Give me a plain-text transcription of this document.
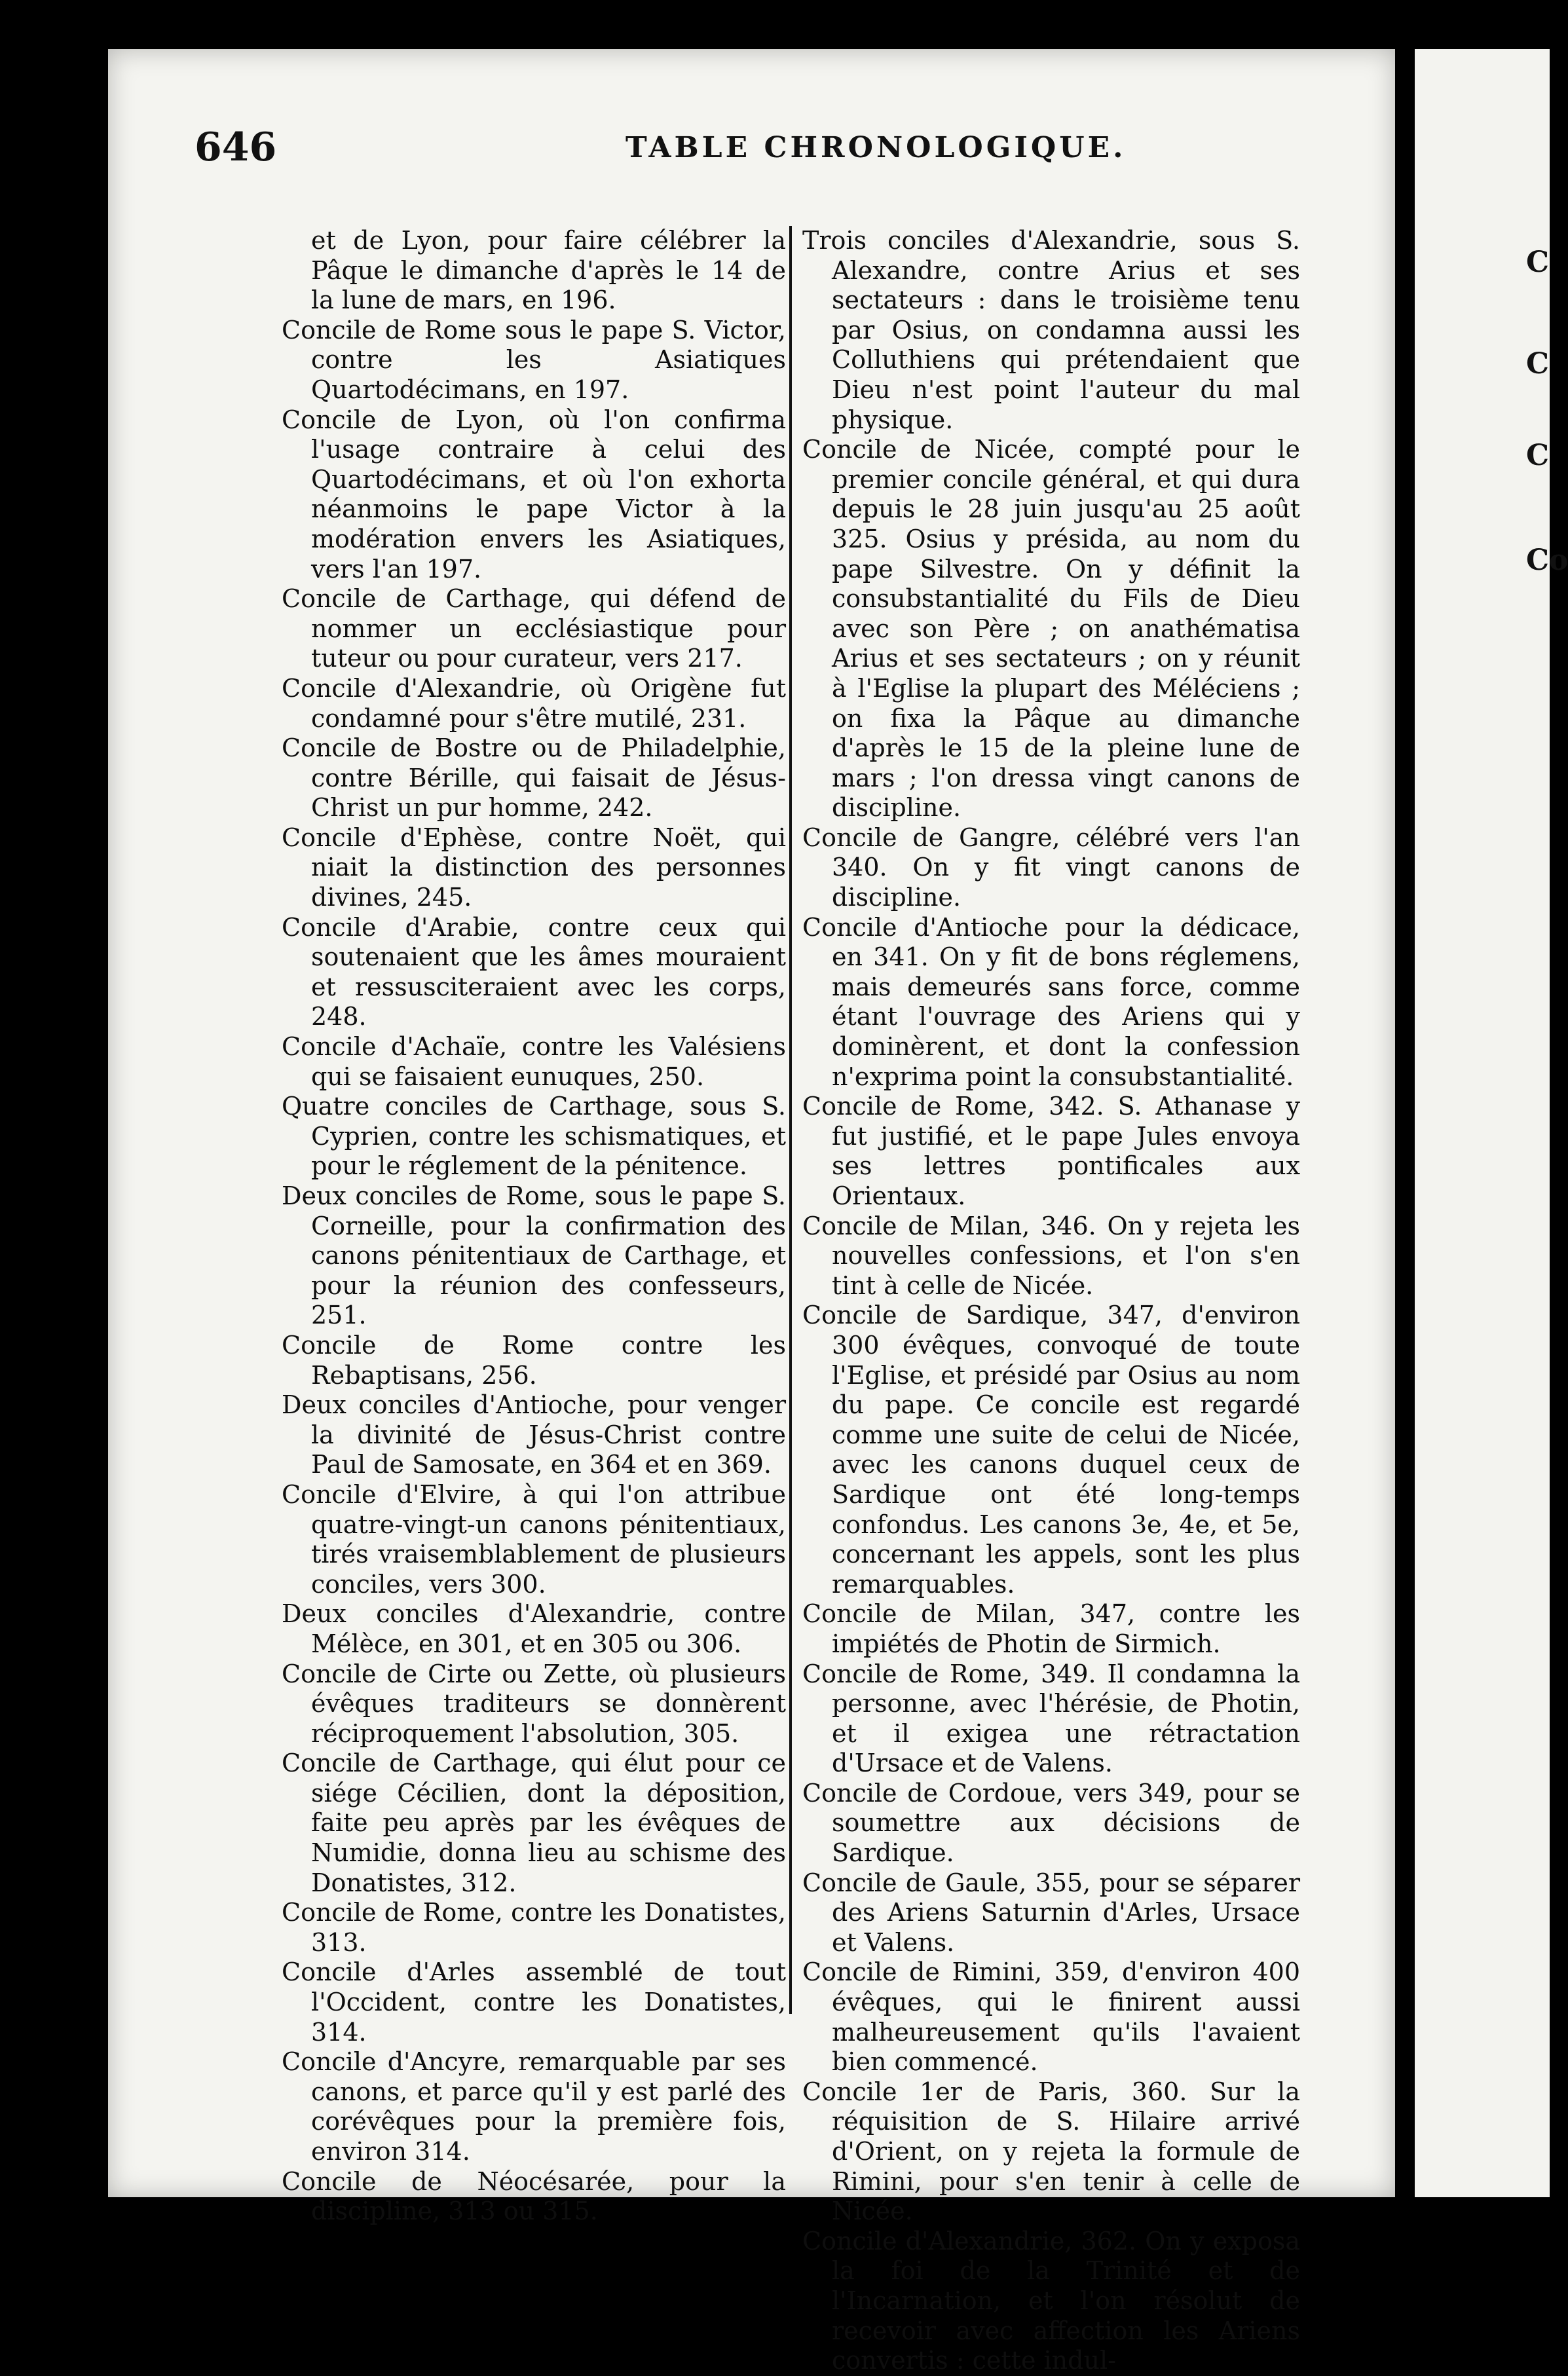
C
C
C
Co
646	TABLE CHRONOLOGIQUE.

et de Lyon, pour faire célébrer la Pâque le dimanche d'après le 14 de la lune de mars, en 196.

Concile de Rome sous le pape S. Victor, contre les Asiatiques Quartodécimans, en 197.

Concile de Lyon, où l'on confirma l'usage contraire à celui des Quartodécimans, et où l'on exhorta néanmoins le pape Victor à la modération envers les Asiatiques, vers l'an 197.

Concile de Carthage, qui défend de nommer un ecclésiastique pour tuteur ou pour curateur, vers 217.

Concile d'Alexandrie, où Origène fut condamné pour s'être mutilé, 231.

Concile de Bostre ou de Philadelphie, contre Bérille, qui faisait de Jésus-Christ un pur homme, 242.

Concile d'Ephèse, contre Noët, qui niait la distinction des personnes divines, 245.

Concile d'Arabie, contre ceux qui soutenaient que les âmes mouraient et ressusciteraient avec les corps, 248.

Concile d'Achaïe, contre les Valésiens qui se faisaient eunuques, 250.

Quatre conciles de Carthage, sous S. Cyprien, contre les schismatiques, et pour le réglement de la pénitence.

Deux conciles de Rome, sous le pape S. Corneille, pour la confirmation des canons pénitentiaux de Carthage, et pour la réunion des confesseurs, 251.

Concile de Rome contre les Rebaptisans, 256.

Deux conciles d'Antioche, pour venger la divinité de Jésus-Christ contre Paul de Samosate, en 364 et en 369.

Concile d'Elvire, à qui l'on attribue quatre-vingt-un canons pénitentiaux, tirés vraisemblablement de plusieurs conciles, vers 300.

Deux conciles d'Alexandrie, contre Mélèce, en 301, et en 305 ou 306.

Concile de Cirte ou Zette, où plusieurs évêques traditeurs se donnèrent réciproquement l'absolution, 305.

Concile de Carthage, qui élut pour ce siége Cécilien, dont la déposition, faite peu après par les évêques de Numidie, donna lieu au schisme des Donatistes, 312.

Concile de Rome, contre les Donatistes, 313.

Concile d'Arles assemblé de tout l'Occident, contre les Donatistes, 314.

Concile d'Ancyre, remarquable par ses canons, et parce qu'il y est parlé des corévêques pour la première fois, environ 314.

Concile de Néocésarée, pour la discipline, 313 ou 315.

Trois conciles d'Alexandrie, sous S. Alexandre, contre Arius et ses sectateurs : dans le troisième tenu par Osius, on condamna aussi les Colluthiens qui prétendaient que Dieu n'est point l'auteur du mal physique.

Concile de Nicée, compté pour le premier concile général, et qui dura depuis le 28 juin jusqu'au 25 août 325. Osius y présida, au nom du pape Silvestre. On y définit la consubstantialité du Fils de Dieu avec son Père ; on anathématisa Arius et ses sectateurs ; on y réunit à l'Eglise la plupart des Méléciens ; on fixa la Pâque au dimanche d'après le 15 de la pleine lune de mars ; l'on dressa vingt canons de discipline.

Concile de Gangre, célébré vers l'an 340. On y fit vingt canons de discipline.

Concile d'Antioche pour la dédicace, en 341. On y fit de bons réglemens, mais demeurés sans force, comme étant l'ouvrage des Ariens qui y dominèrent, et dont la confession n'exprima point la consubstantialité.

Concile de Rome, 342. S. Athanase y fut justifié, et le pape Jules envoya ses lettres pontificales aux Orientaux.

Concile de Milan, 346. On y rejeta les nouvelles confessions, et l'on s'en tint à celle de Nicée.

Concile de Sardique, 347, d'environ 300 évêques, convoqué de toute l'Eglise, et présidé par Osius au nom du pape. Ce concile est regardé comme une suite de celui de Nicée, avec les canons duquel ceux de Sardique ont été long-temps confondus. Les canons 3e, 4e, et 5e, concernant les appels, sont les plus remarquables.

Concile de Milan, 347, contre les impiétés de Photin de Sirmich.

Concile de Rome, 349. Il condamna la personne, avec l'hérésie, de Photin, et il exigea une rétractation d'Ursace et de Valens.

Concile de Cordoue, vers 349, pour se soumettre aux décisions de Sardique.

Concile de Gaule, 355, pour se séparer des Ariens Saturnin d'Arles, Ursace et Valens.

Concile de Rimini, 359, d'environ 400 évêques, qui le finirent aussi malheureusement qu'ils l'avaient bien commencé.

Concile 1er de Paris, 360. Sur la réquisition de S. Hilaire arrivé d'Orient, on y rejeta la formule de Rimini, pour s'en tenir à celle de Nicée.

Concile d'Alexandrie, 362. On y exposa la foi de la Trinité et de l'Incarnation, et l'on résolut de recevoir avec affection les Ariens convertis : cette indul-
